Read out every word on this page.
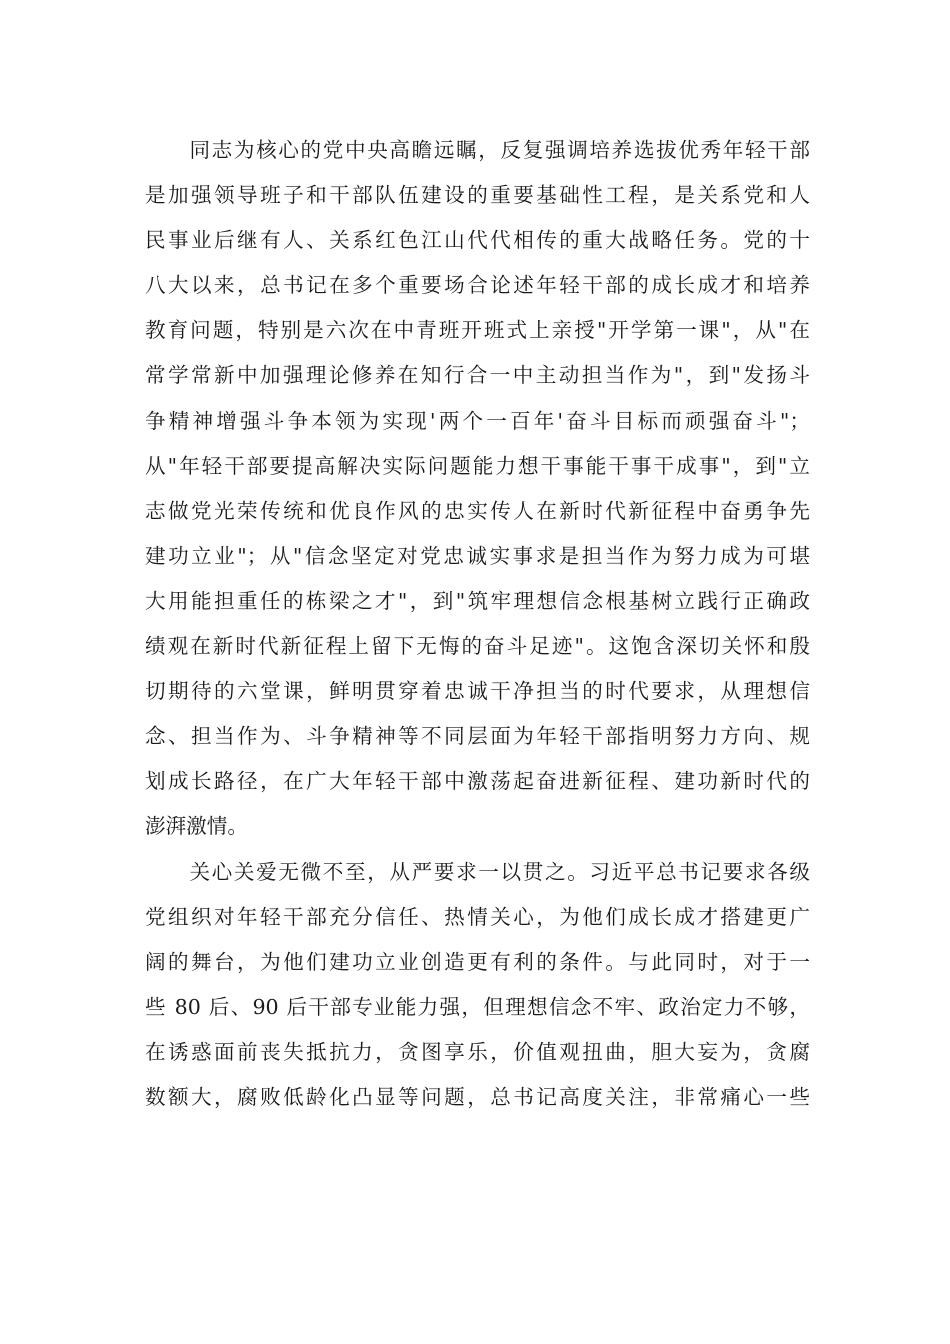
　　同志为核心的党中央高瞻远瞩，反复强调培养选拔优秀年轻干部
是加强领导班子和干部队伍建设的重要基础性工程，是关系党和人
民事业后继有人、关系红色江山代代相传的重大战略任务。党的十
八大以来，总书记在多个重要场合论述年轻干部的成长成才和培养
教育问题，特别是六次在中青班开班式上亲授"开学第一课"，从"在
常学常新中加强理论修养在知行合一中主动担当作为"，到"发扬斗
争精神增强斗争本领为实现'两个一百年'奋斗目标而顽强奋斗"；
从"年轻干部要提高解决实际问题能力想干事能干事干成事"，到"立
志做党光荣传统和优良作风的忠实传人在新时代新征程中奋勇争先
建功立业"；从"信念坚定对党忠诚实事求是担当作为努力成为可堪
大用能担重任的栋梁之才"，到"筑牢理想信念根基树立践行正确政
绩观在新时代新征程上留下无悔的奋斗足迹"。这饱含深切关怀和殷
切期待的六堂课，鲜明贯穿着忠诚干净担当的时代要求，从理想信
念、担当作为、斗争精神等不同层面为年轻干部指明努力方向、规
划成长路径，在广大年轻干部中激荡起奋进新征程、建功新时代的
澎湃激情。
　　关心关爱无微不至，从严要求一以贯之。习近平总书记要求各级
党组织对年轻干部充分信任、热情关心，为他们成长成才搭建更广
阔的舞台，为他们建功立业创造更有利的条件。与此同时，对于一
些 80 后、90 后干部专业能力强，但理想信念不牢、政治定力不够，
在诱惑面前丧失抵抗力，贪图享乐，价值观扭曲，胆大妄为，贪腐
数额大，腐败低龄化凸显等问题，总书记高度关注，非常痛心一些
